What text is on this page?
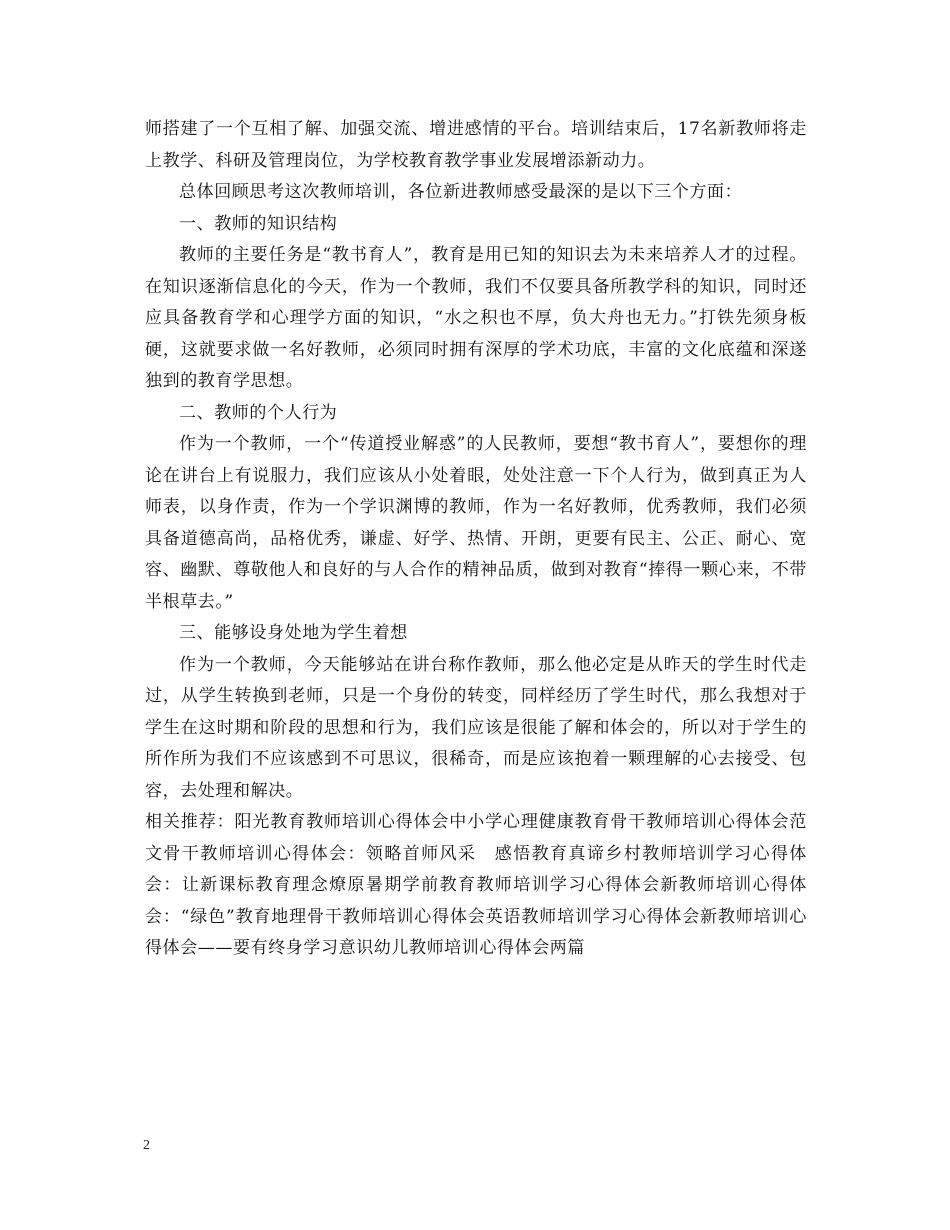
师搭建了一个互相了解、加强交流、增进感情的平台。培训结束后，17名新教师将走上教学、科研及管理岗位，为学校教育教学事业发展增添新动力。

总体回顾思考这次教师培训，各位新进教师感受最深的是以下三个方面：

一、教师的知识结构

教师的主要任务是“教书育人”，教育是用已知的知识去为未来培养人才的过程。在知识逐渐信息化的今天，作为一个教师，我们不仅要具备所教学科的知识，同时还应具备教育学和心理学方面的知识，“水之积也不厚，负大舟也无力。”打铁先须身板硬，这就要求做一名好教师，必须同时拥有深厚的学术功底，丰富的文化底蕴和深遂独到的教育学思想。

二、教师的个人行为

作为一个教师，一个“传道授业解惑”的人民教师，要想“教书育人”，要想你的理论在讲台上有说服力，我们应该从小处着眼，处处注意一下个人行为，做到真正为人师表，以身作责，作为一个学识渊博的教师，作为一名好教师，优秀教师，我们必须具备道德高尚，品格优秀，谦虚、好学、热情、开朗，更要有民主、公正、耐心、宽容、幽默、尊敬他人和良好的与人合作的精神品质，做到对教育“捧得一颗心来，不带半根草去。”

三、能够设身处地为学生着想

作为一个教师，今天能够站在讲台称作教师，那么他必定是从昨天的学生时代走过，从学生转换到老师，只是一个身份的转变，同样经历了学生时代，那么我想对于学生在这时期和阶段的思想和行为，我们应该是很能了解和体会的，所以对于学生的所作所为我们不应该感到不可思议，很稀奇，而是应该抱着一颗理解的心去接受、包容，去处理和解决。

相关推荐：阳光教育教师培训心得体会中小学心理健康教育骨干教师培训心得体会范文骨干教师培训心得体会：领略首师风采　感悟教育真谛乡村教师培训学习心得体会：让新课标教育理念燎原暑期学前教育教师培训学习心得体会新教师培训心得体会：“绿色”教育地理骨干教师培训心得体会英语教师培训学习心得体会新教师培训心得体会——要有终身学习意识幼儿教师培训心得体会两篇

2
